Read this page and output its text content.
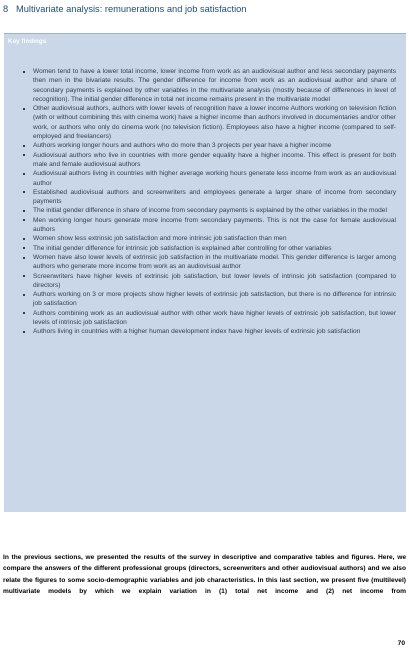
8 Multivariate analysis: remunerations and job satisfaction
Key findings
Women tend to have a lower total income, lower income from work as an audiovisual author and less secondary payments then men in the bivariate results. The gender difference for income from work as an audiovisual author and share of secondary payments is explained by other variables in the multivariate analysis (mostly because of differences in level of recognition). The initial gender difference in total net income remains present in the multivariate model
Other audiovisual authors, authors with lower levels of recognition have a lower income Authors working on television fiction (with or without combining this with cinema work) have a higher income than authors involved in documentaries and/or other work, or authors who only do cinema work (no television fiction). Employees also have a higher income (compared to self-employed and freelancers)
Authors working longer hours and authors who do more than 3 projects per year have a higher income
Audiovisual authors who live in countries with more gender equality have a higher income. This effect is present for both male and female audiovisual authors
Audiovisual authors living in countries with higher average working hours generate less income from work as an audiovisual author
Established audiovisual authors and screenwriters and employees generate a larger share of income from secondary payments
The initial gender difference in share of income from secondary payments is explained by the other variables in the model
Men working longer hours generate more income from secondary payments. This is not the case for female audiovisual authors
Women show less extrinsic job satisfaction and more intrinsic job satisfaction than men
The initial gender difference for intrinsic job satisfaction is explained after controlling for other variables
Women have also lower levels of extrinsic job satisfaction in the multivariate model. This gender difference is larger among authors who generate more income from work as an audiovisual author
Screenwriters have higher levels of extrinsic job satisfaction, but lower levels of intrinsic job satisfaction (compared to directors)
Authors working on 3 or more projects show higher levels of extrinsic job satisfaction, but there is no difference for intrinsic job satisfaction
Authors combining work as an audiovisual author with other work have higher levels of extrinsic job satisfaction, but lower levels of intrinsic job satisfaction
Authors living in countries with a higher human development index have higher levels of extrinsic job satisfaction

In the previous sections, we presented the results of the survey in descriptive and comparative tables and figures. Here, we compare the answers of the different professional groups (directors, screenwriters and other audiovisual authors) and we also relate the figures to some socio-demographic variables and job characteristics. In this last section, we present five (multilevel) multivariate models by which we explain variation in (1) total net income and (2) net income from

70
